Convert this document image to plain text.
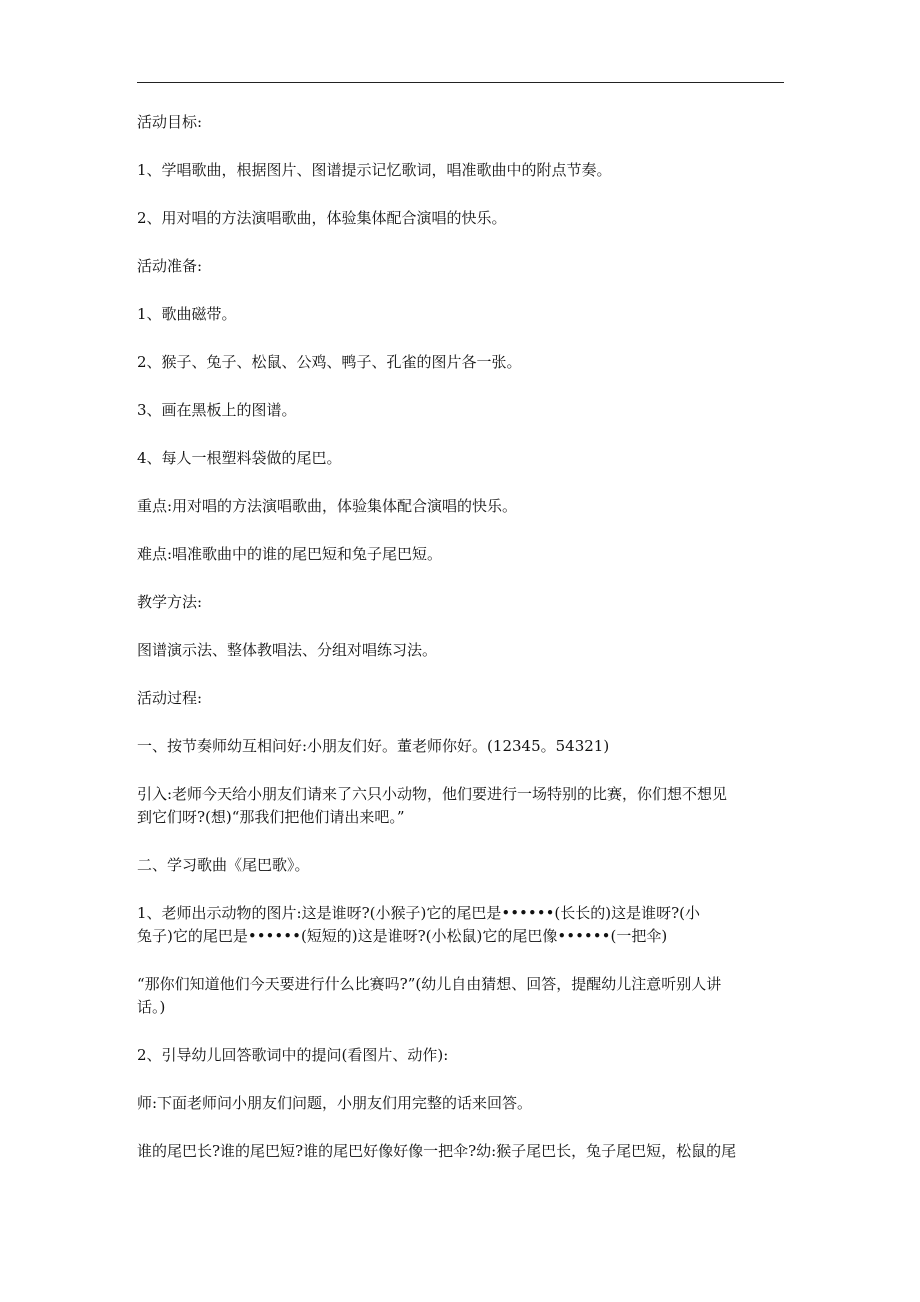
活动目标:

1、学唱歌曲，根据图片、图谱提示记忆歌词，唱准歌曲中的附点节奏。

2、用对唱的方法演唱歌曲，体验集体配合演唱的快乐。

活动准备:

1、歌曲磁带。

2、猴子、兔子、松鼠、公鸡、鸭子、孔雀的图片各一张。

3、画在黑板上的图谱。

4、每人一根塑料袋做的尾巴。

重点:用对唱的方法演唱歌曲，体验集体配合演唱的快乐。

难点:唱准歌曲中的谁的尾巴短和兔子尾巴短。

教学方法:

图谱演示法、整体教唱法、分组对唱练习法。

活动过程:

一、按节奏师幼互相问好:小朋友们好。董老师你好。(12345。54321)

引入:老师今天给小朋友们请来了六只小动物，他们要进行一场特别的比赛，你们想不想见
到它们呀?(想)“那我们把他们请出来吧。”

二、学习歌曲《尾巴歌》。

1、老师出示动物的图片:这是谁呀?(小猴子)它的尾巴是••••••(长长的)这是谁呀?(小
兔子)它的尾巴是••••••(短短的)这是谁呀?(小松鼠)它的尾巴像••••••(一把伞)

“那你们知道他们今天要进行什么比赛吗?”(幼儿自由猜想、回答，提醒幼儿注意听别人讲
话。)

2、引导幼儿回答歌词中的提问(看图片、动作):

师:下面老师问小朋友们问题，小朋友们用完整的话来回答。

谁的尾巴长?谁的尾巴短?谁的尾巴好像好像一把伞?幼:猴子尾巴长，兔子尾巴短，松鼠的尾
